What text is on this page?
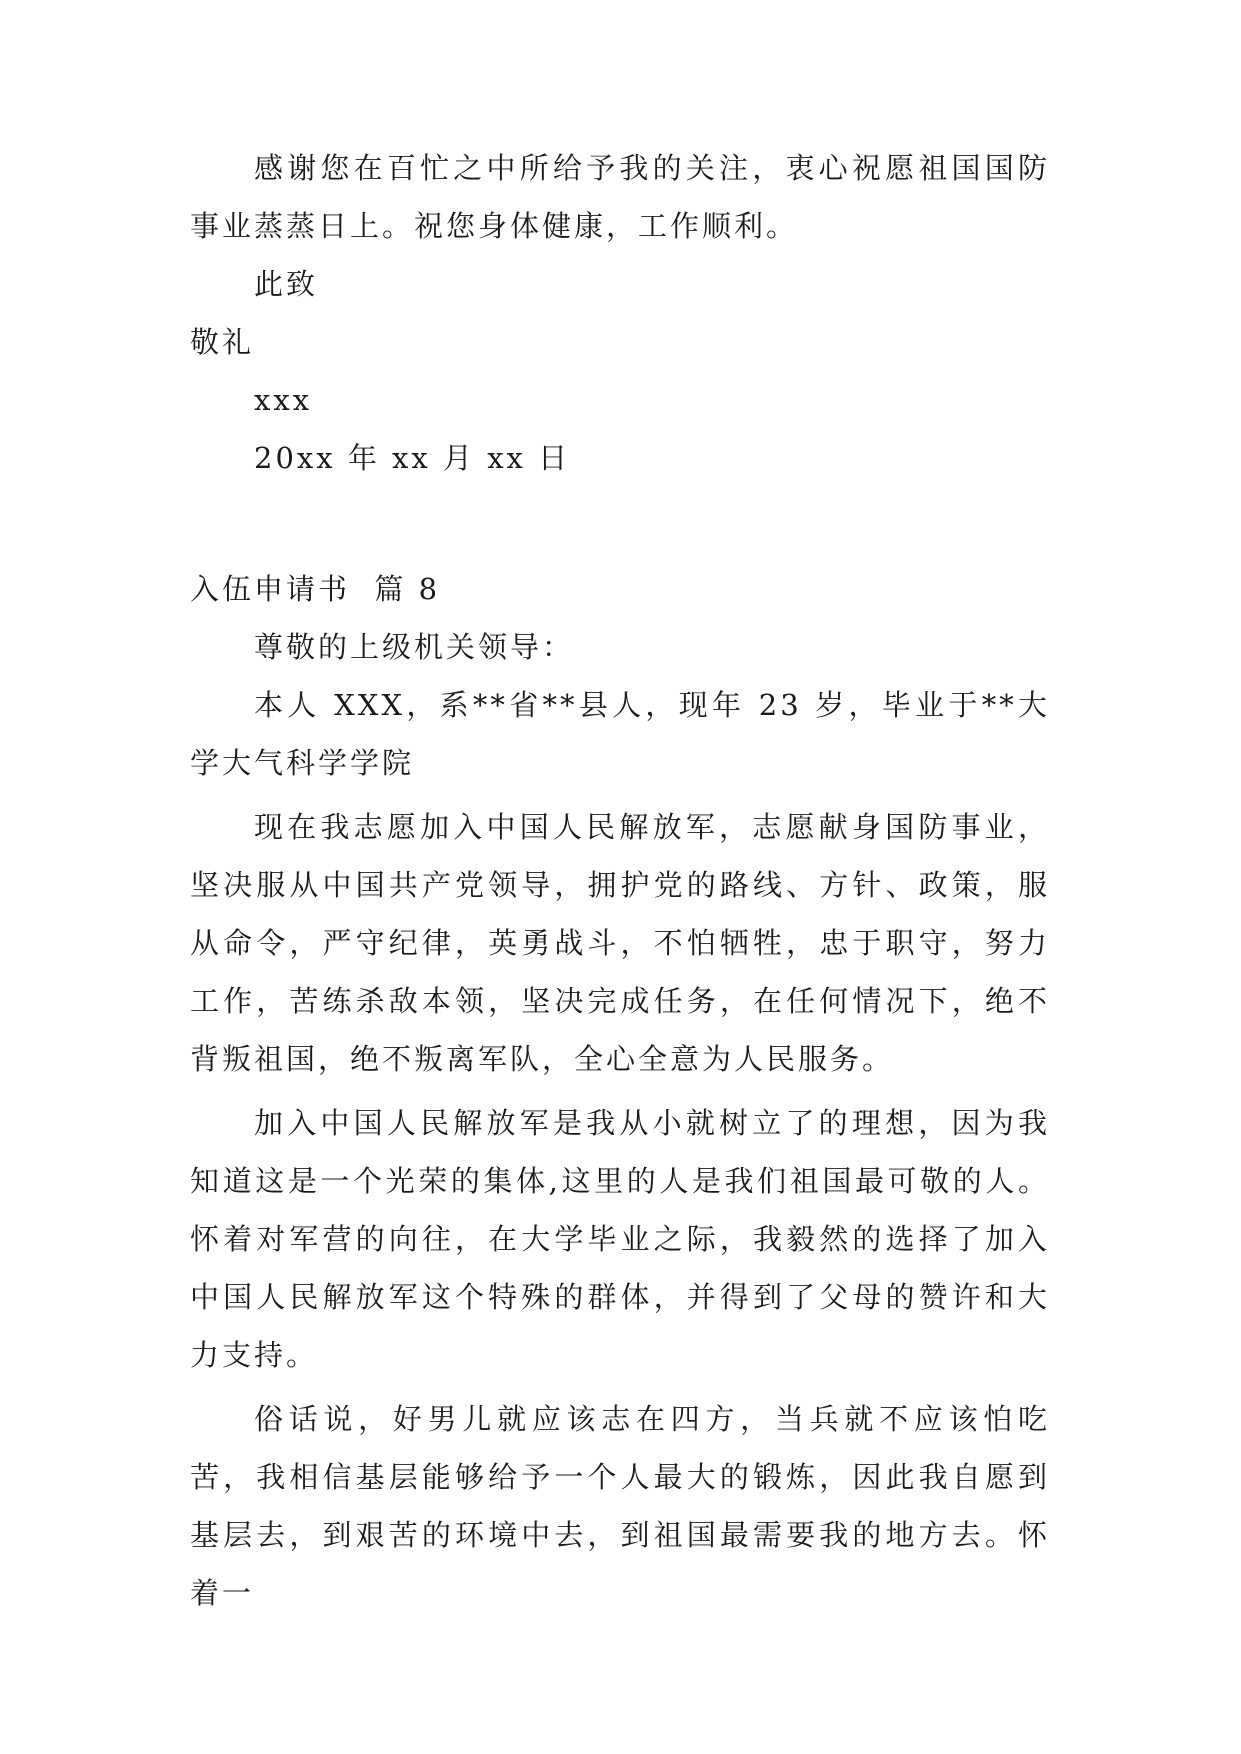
感谢您在百忙之中所给予我的关注，衷心祝愿祖国国防事业蒸蒸日上。祝您身体健康，工作顺利。

此致
敬礼
xxx
20xx 年 xx 月 xx 日
入伍申请书  篇 8
尊敬的上级机关领导：

本人 XXX，系**省**县人，现年 23 岁，毕业于**大学大气科学学院

现在我志愿加入中国人民解放军，志愿献身国防事业，坚决服从中国共产党领导，拥护党的路线、方针、政策，服从命令，严守纪律，英勇战斗，不怕牺牲，忠于职守，努力工作，苦练杀敌本领，坚决完成任务，在任何情况下，绝不背叛祖国，绝不叛离军队，全心全意为人民服务。

加入中国人民解放军是我从小就树立了的理想，因为我知道这是一个光荣的集体,这里的人是我们祖国最可敬的人。怀着对军营的向往，在大学毕业之际，我毅然的选择了加入中国人民解放军这个特殊的群体，并得到了父母的赞许和大力支持。

俗话说，好男儿就应该志在四方，当兵就不应该怕吃苦，我相信基层能够给予一个人最大的锻炼，因此我自愿到基层去，到艰苦的环境中去，到祖国最需要我的地方去。怀着一
